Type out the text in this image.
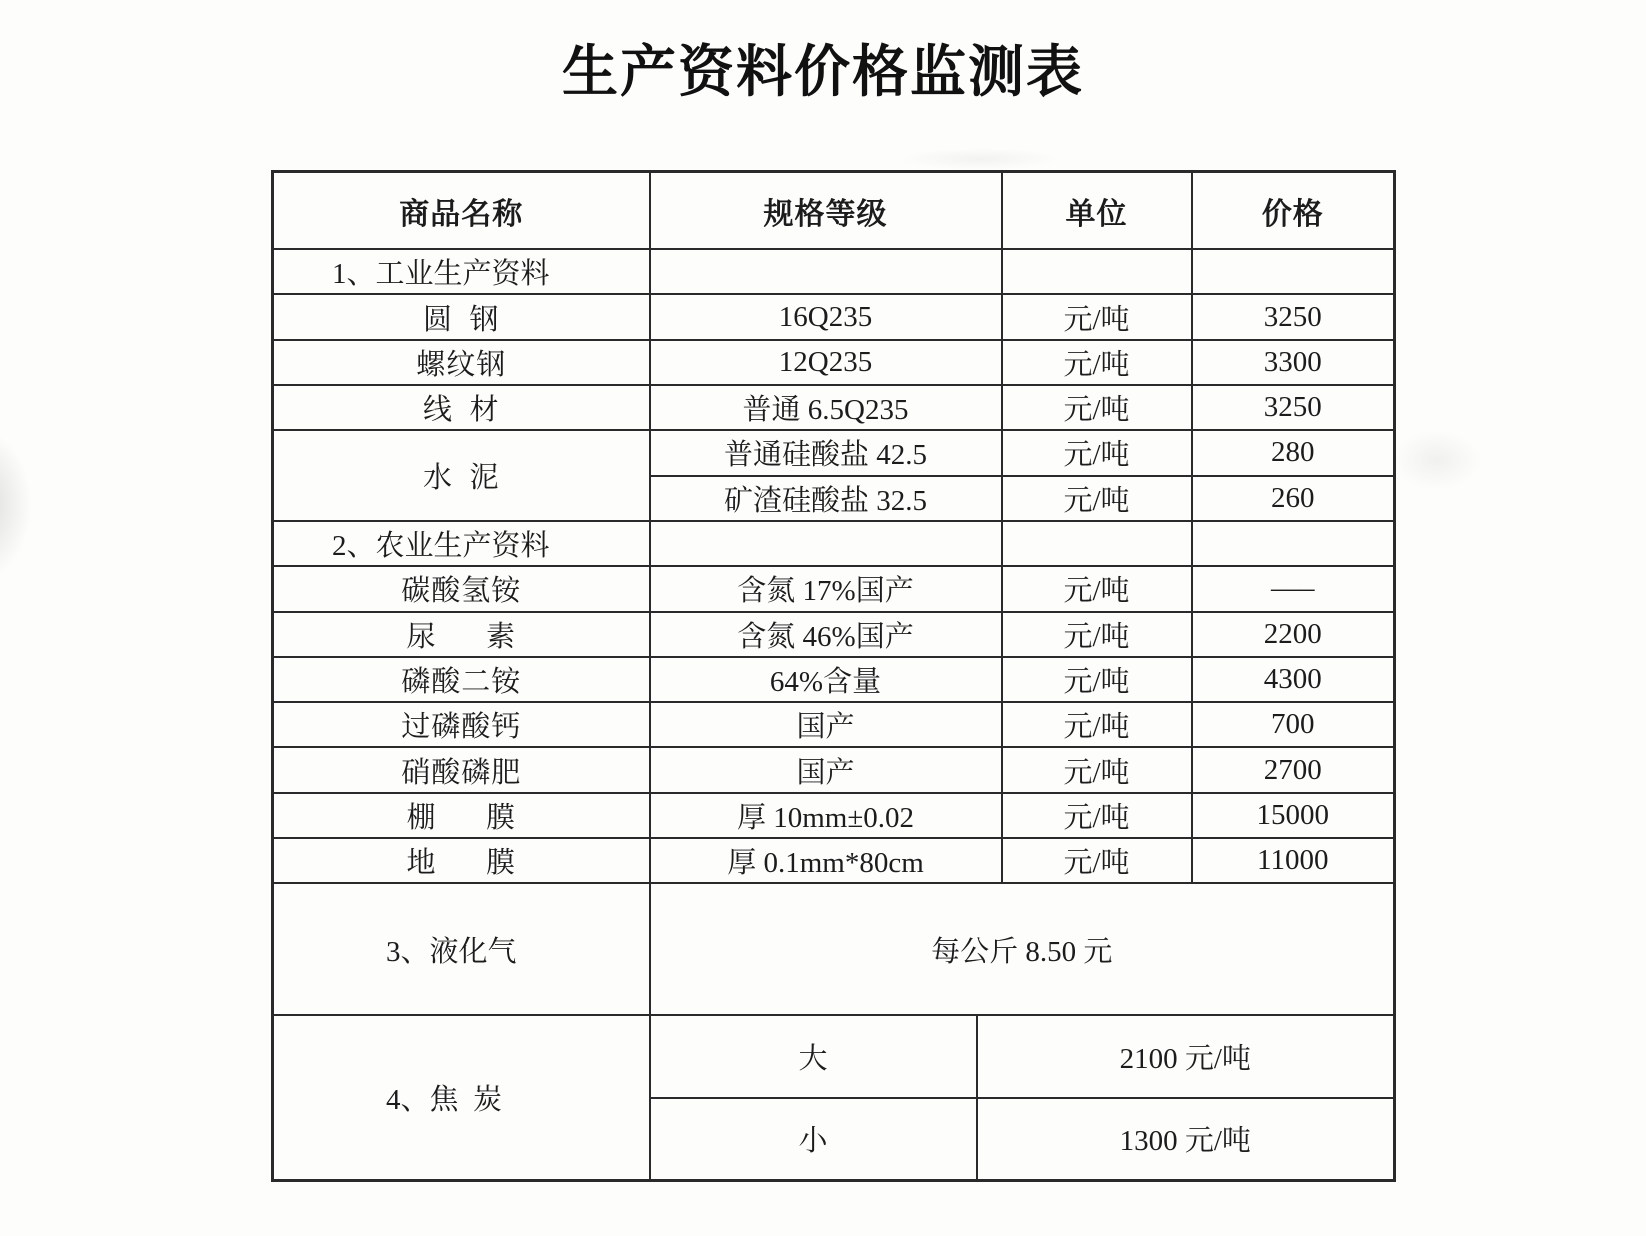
生产资料价格监测表
商品名称	规格等级		单位	价格
1、工业生产资料				
圆  钢	16Q235		元/吨	3250
螺纹钢	12Q235		元/吨	3300
线  材	普通 6.5Q235		元/吨	3250
水  泥	普通硅酸盐 42.5		元/吨	280
	矿渣硅酸盐 32.5		元/吨	260
2、农业生产资料				
碳酸氢铵	含氮 17%国产		元/吨	–––
尿      素	含氮 46%国产		元/吨	2200
磷酸二铵	64%含量		元/吨	4300
过磷酸钙	国产		元/吨	700
硝酸磷肥	国产		元/吨	2700
棚      膜	厚 10mm±0.02		元/吨	15000
地      膜	厚 0.1mm*80cm		元/吨	11000
3、液化气	每公斤 8.50 元			
4、焦  炭	大	2100 元/吨		
	小	1300 元/吨		
